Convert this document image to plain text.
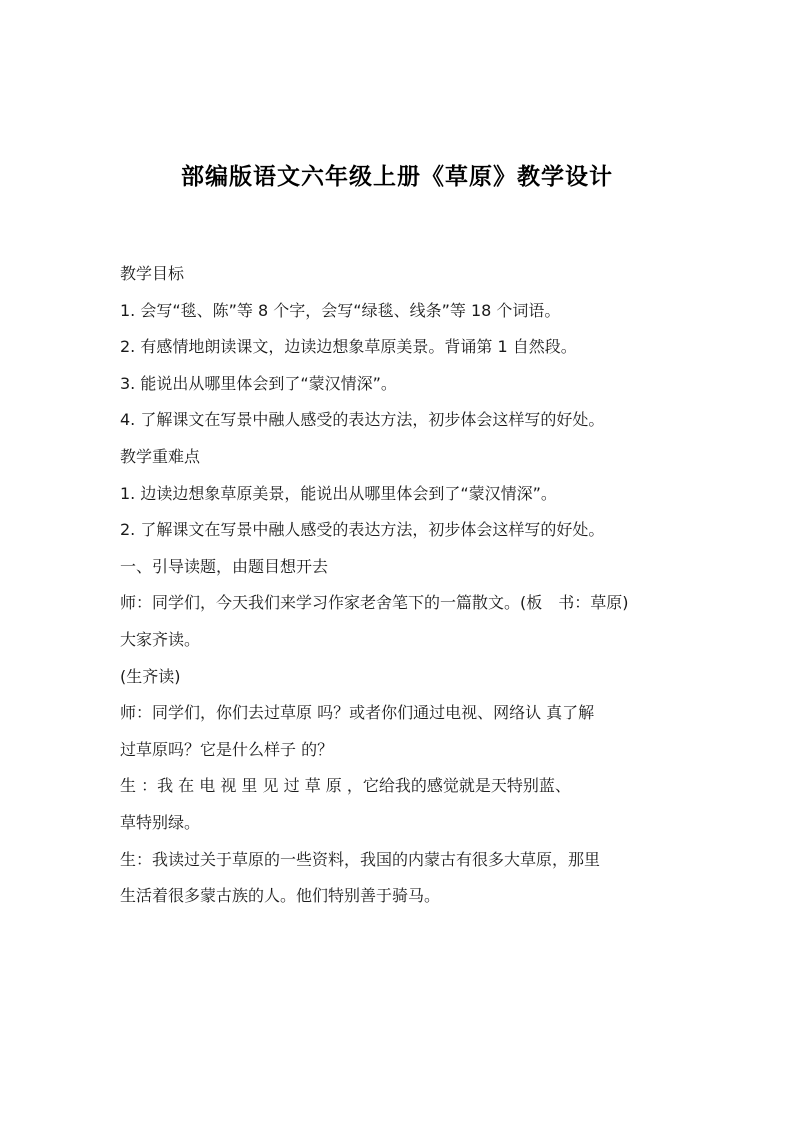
部编版语文六年级上册《草原》教学设计
教学目标
1. 会写“毯、陈”等 8 个字，会写“绿毯、线条”等 18 个词语。
2. 有感情地朗读课文，边读边想象草原美景。背诵第 1 自然段。
3. 能说出从哪里体会到了“蒙汉情深”。
4. 了解课文在写景中融人感受的表达方法，初步体会这样写的好处。
教学重难点
1. 边读边想象草原美景，能说出从哪里体会到了“蒙汉情深”。
2. 了解课文在写景中融人感受的表达方法，初步体会这样写的好处。
一、引导读题，由题目想开去
师：同学们，今天我们来学习作家老舍笔下的一篇散文。(板　书：草原)
大家齐读。
(生齐读)
师：同学们，你们去过草原 吗？或者你们通过电视、网络认 真了解
过草原吗？它是什么样子 的？
生 ：我 在 电 视 里 见 过 草 原 ，它给我的感觉就是天特别蓝、
草特别绿。
生：我读过关于草原的一些资料，我国的内蒙古有很多大草原，那里
生活着很多蒙古族的人。他们特别善于骑马。
